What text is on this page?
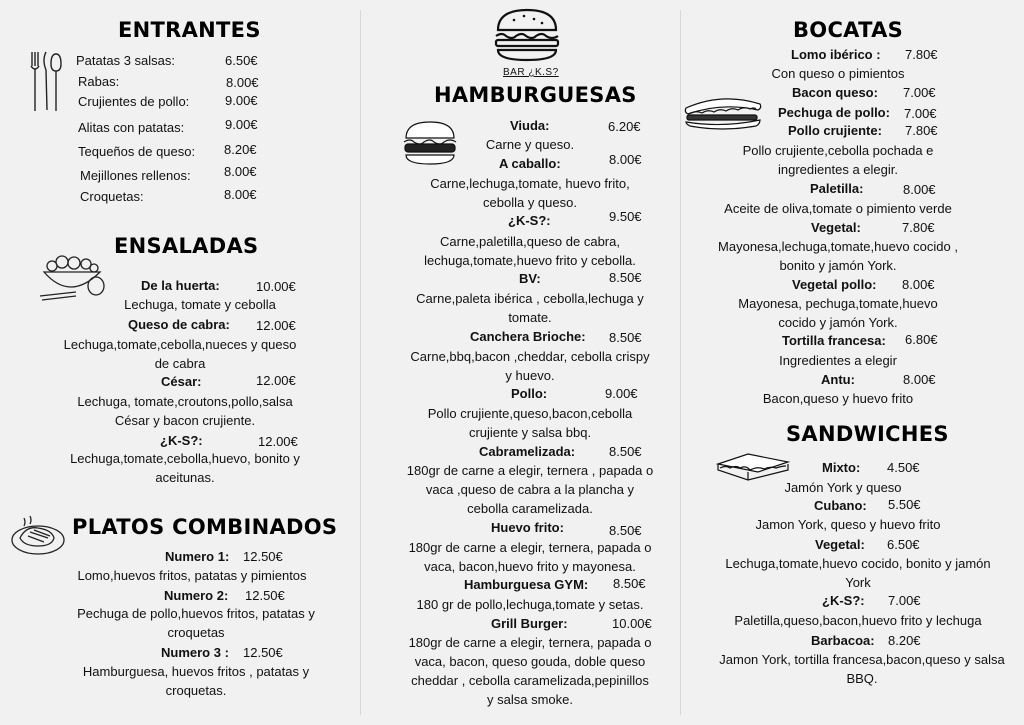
ENTRANTES
Patatas 3 salsas:	6.50€
Rabas:	8.00€
Crujientes de pollo:	9.00€
Alitas con patatas:	9.00€
Tequeños de queso: 8.20€
Mejillones rellenos:	8.00€
Croquetas:	8.00€
ENSALADAS
De la huerta:	10.00€
Lechuga, tomate y cebolla
Queso de cabra: 12.00€
Lechuga,tomate,cebolla,nueces y queso
de cabra
César:	12.00€
Lechuga, tomate,croutons,pollo,salsa
César y bacon crujiente.
¿K-S?:	12.00€
Lechuga,tomate,cebolla,huevo, bonito y
aceitunas.
PLATOS COMBINADOS
Numero 1: 12.50€
Lomo,huevos fritos, patatas y pimientos
Numero 2: 12.50€
Pechuga de pollo,huevos fritos, patatas y
croquetas
Numero 3 : 12.50€
Hamburguesa, huevos fritos , patatas y
croquetas.
BAR ¿K.S?
HAMBURGUESAS
Viuda:	6.20€
Carne y queso.
A caballo:	8.00€
Carne,lechuga,tomate, huevo frito,
cebolla y queso.
¿K-S?:	9.50€
Carne,paletilla,queso de cabra,
lechuga,tomate,huevo frito y cebolla.
BV:	8.50€
Carne,paleta ibérica , cebolla,lechuga y
tomate.
Canchera Brioche: 8.50€
Carne,bbq,bacon ,cheddar, cebolla crispy
y huevo.
Pollo:	9.00€
Pollo crujiente,queso,bacon,cebolla
crujiente y salsa bbq.
Cabramelizada:	8.50€
180gr de carne a elegir, ternera , papada o
vaca ,queso de cabra a la plancha y
cebolla caramelizada.
Huevo frito:	8.50€
180gr de carne a elegir, ternera, papada o
vaca, bacon,huevo frito y mayonesa.
Hamburguesa GYM: 8.50€
180 gr de pollo,lechuga,tomate y setas.
Grill Burger:	10.00€
180gr de carne a elegir, ternera, papada o
vaca, bacon, queso gouda, doble queso
cheddar , cebolla caramelizada,pepinillos
y salsa smoke.
BOCATAS
Lomo ibérico : 7.80€
Con queso o pimientos
Bacon queso: 7.00€
Pechuga de pollo: 7.00€
Pollo crujiente: 7.80€
Pollo crujiente,cebolla pochada e
ingredientes a elegir.
Paletilla:	8.00€
Aceite de oliva,tomate o pimiento verde
Vegetal:	7.80€
Mayonesa,lechuga,tomate,huevo cocido ,
bonito y jamón York.
Vegetal pollo: 8.00€
Mayonesa, pechuga,tomate,huevo
cocido y jamón York.
Tortilla francesa: 6.80€
Ingredientes a elegir
Antu:	8.00€
Bacon,queso y huevo frito
SANDWICHES
Mixto: 4.50€
Jamón York y queso
Cubano: 5.50€
Jamon York, queso y huevo frito
Vegetal: 6.50€
Lechuga,tomate,huevo cocido, bonito y jamón
York
¿K-S?: 7.00€
Paletilla,queso,bacon,huevo frito y lechuga
Barbacoa: 8.20€
Jamon York, tortilla francesa,bacon,queso y salsa
BBQ.
